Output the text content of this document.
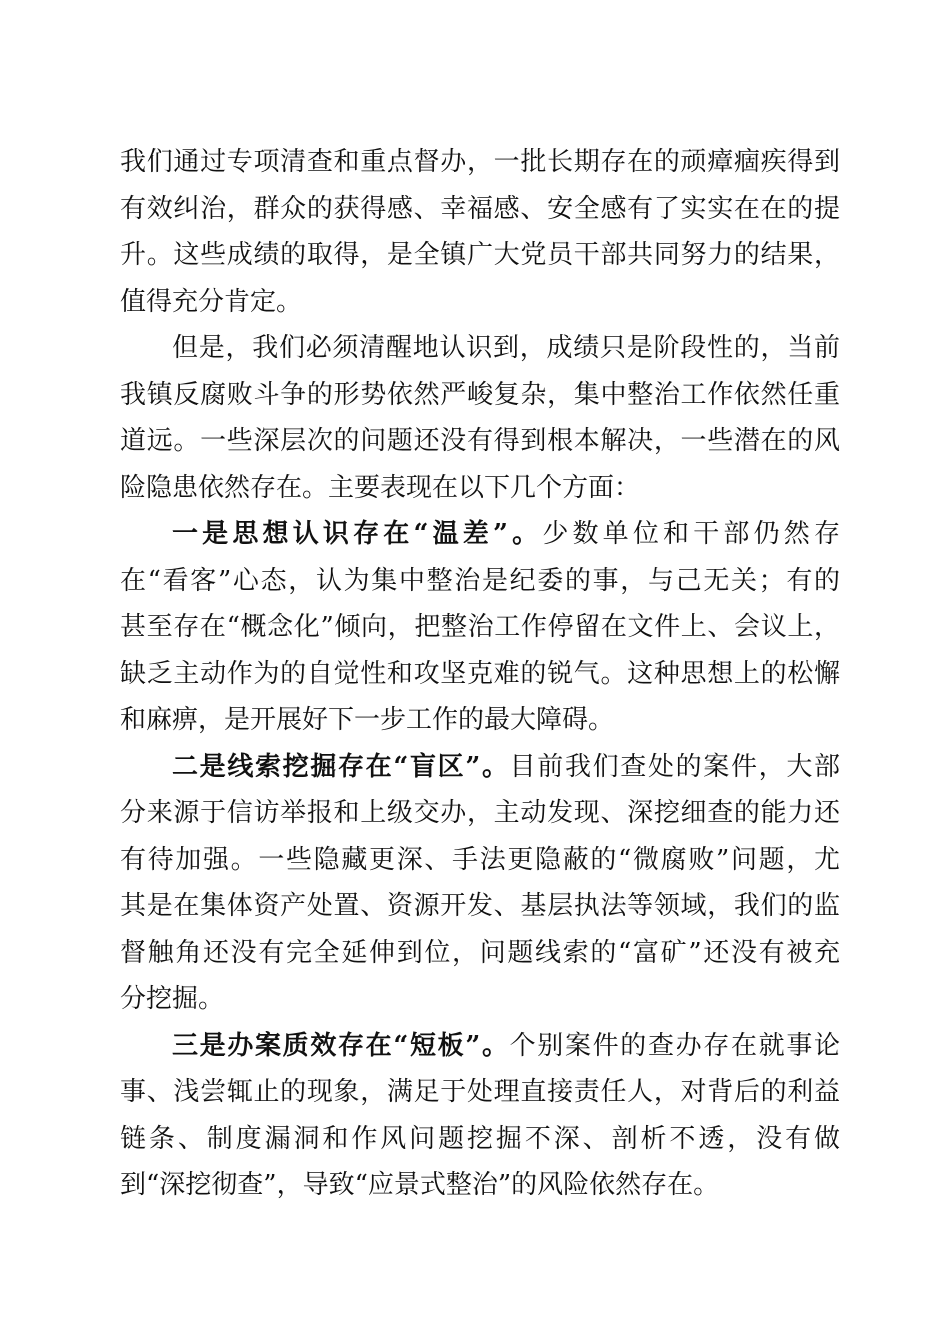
我们通过专项清查和重点督办，一批长期存在的顽瘴痼疾得到
有效纠治，群众的获得感、幸福感、安全感有了实实在在的提
升。这些成绩的取得，是全镇广大党员干部共同努力的结果，
值得充分肯定。
但是，我们必须清醒地认识到，成绩只是阶段性的，当前
我镇反腐败斗争的形势依然严峻复杂，集中整治工作依然任重
道远。一些深层次的问题还没有得到根本解决，一些潜在的风
险隐患依然存在。主要表现在以下几个方面：
一是思想认识存在“温差”。少数单位和干部仍然存
在“看客”心态，认为集中整治是纪委的事，与己无关；有的
甚至存在“概念化”倾向，把整治工作停留在文件上、会议上，
缺乏主动作为的自觉性和攻坚克难的锐气。这种思想上的松懈
和麻痹，是开展好下一步工作的最大障碍。
二是线索挖掘存在“盲区”。目前我们查处的案件，大部
分来源于信访举报和上级交办，主动发现、深挖细查的能力还
有待加强。一些隐藏更深、手法更隐蔽的“微腐败”问题，尤
其是在集体资产处置、资源开发、基层执法等领域，我们的监
督触角还没有完全延伸到位，问题线索的“富矿”还没有被充
分挖掘。
三是办案质效存在“短板”。个别案件的查办存在就事论
事、浅尝辄止的现象，满足于处理直接责任人，对背后的利益
链条、制度漏洞和作风问题挖掘不深、剖析不透，没有做
到“深挖彻查”，导致“应景式整治”的风险依然存在。
